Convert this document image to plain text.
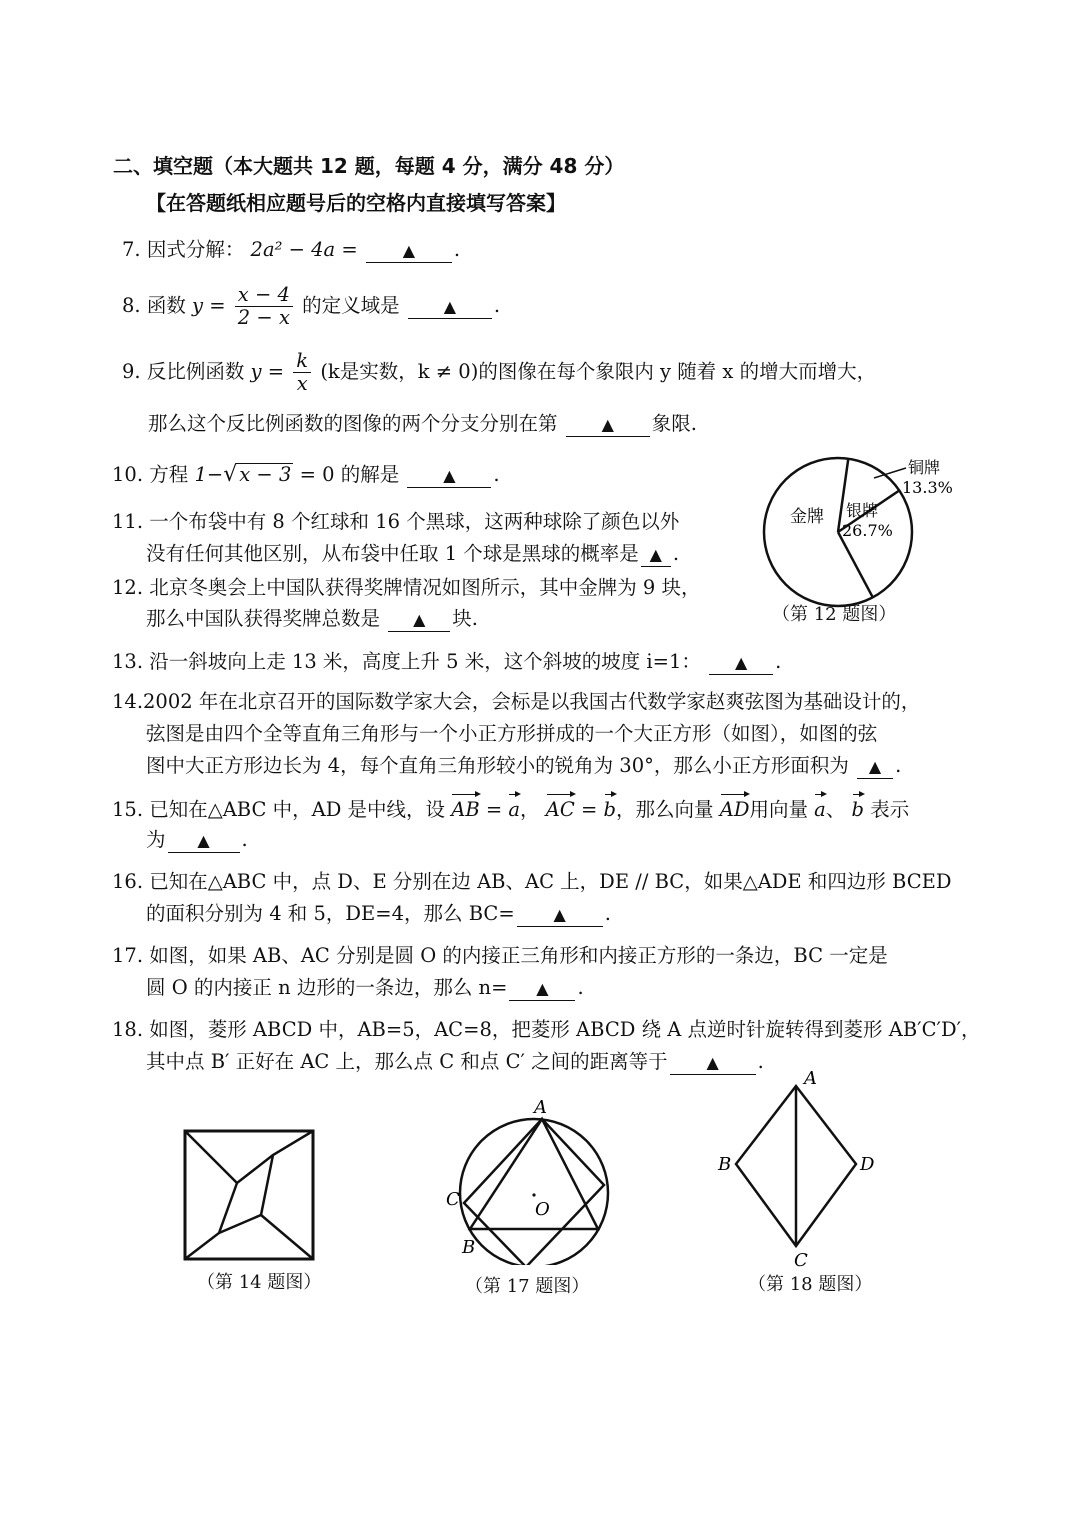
二、填空题（本大题共 12 题，每题 4 分，满分 48 分）
【在答题纸相应题号后的空格内直接填写答案】
7. 因式分解： 2a² − 4a =	▲ .
8. 函数 $y = \frac{x - 4}{2 - x}$ 的定义域是	▲ .
9. 反比例函数 $y = \frac{k}{x} (k$是实数，k ≠ 0)的图像在每个象限内 y 随着 x 的增大而增大，
那么这个反比例函数的图像的两个分支分别在第	▲ 象限.
10. 方程 1−√ x − 3 = 0 的解是	▲ .
11. 一个布袋中有 8 个红球和 16 个黑球，这两种球除了颜色以外
没有任何其他区别，从布袋中任取 1 个球是黑球的概率是 ▲ .
12. 北京冬奥会上中国队获得奖牌情况如图所示，其中金牌为 9 块，
那么中国队获得奖牌总数是 ▲ 块.
金牌 银牌
26.7%
铜牌
13.3%
（第 12 题图）
13. 沿一斜坡向上走 13 米，高度上升 5 米，这个斜坡的坡度 i=1： ▲ .
14.2002 年在北京召开的国际数学家大会，会标是以我国古代数学家赵爽弦图为基础设计的，
弦图是由四个全等直角三角形与一个小正方形拼成的一个大正方形（如图），如图的弦
图中大正方形边长为 4，每个直角三角形较小的锐角为 30°，那么小正方形面积为 ▲ .
15. 已知在△ABC 中，AD 是中线，设 AB = a， AC = b，那么向量 AD用向量 a、 b 表示
为 ▲ .
16. 已知在△ABC 中，点 D、E 分别在边 AB、AC 上，DE // BC，如果△ADE 和四边形 BCED
的面积分别为 4 和 5，DE=4，那么 BC= ▲ .
17. 如图，如果 AB、AC 分别是圆 O 的内接正三角形和内接正方形的一条边，BC 一定是
圆 O 的内接正 n 边形的一条边，那么 n= ▲ .
18. 如图，菱形 ABCD 中，AB=5，AC=8，把菱形 ABCD 绕 A 点逆时针旋转得到菱形 AB′C′D′，
其中点 B′ 正好在 AC 上，那么点 C 和点 C′ 之间的距离等于 ▲ .
（第 14 题图）
A
C
B
O
（第 17 题图）
A
B
C
D
（第 18 题图）
